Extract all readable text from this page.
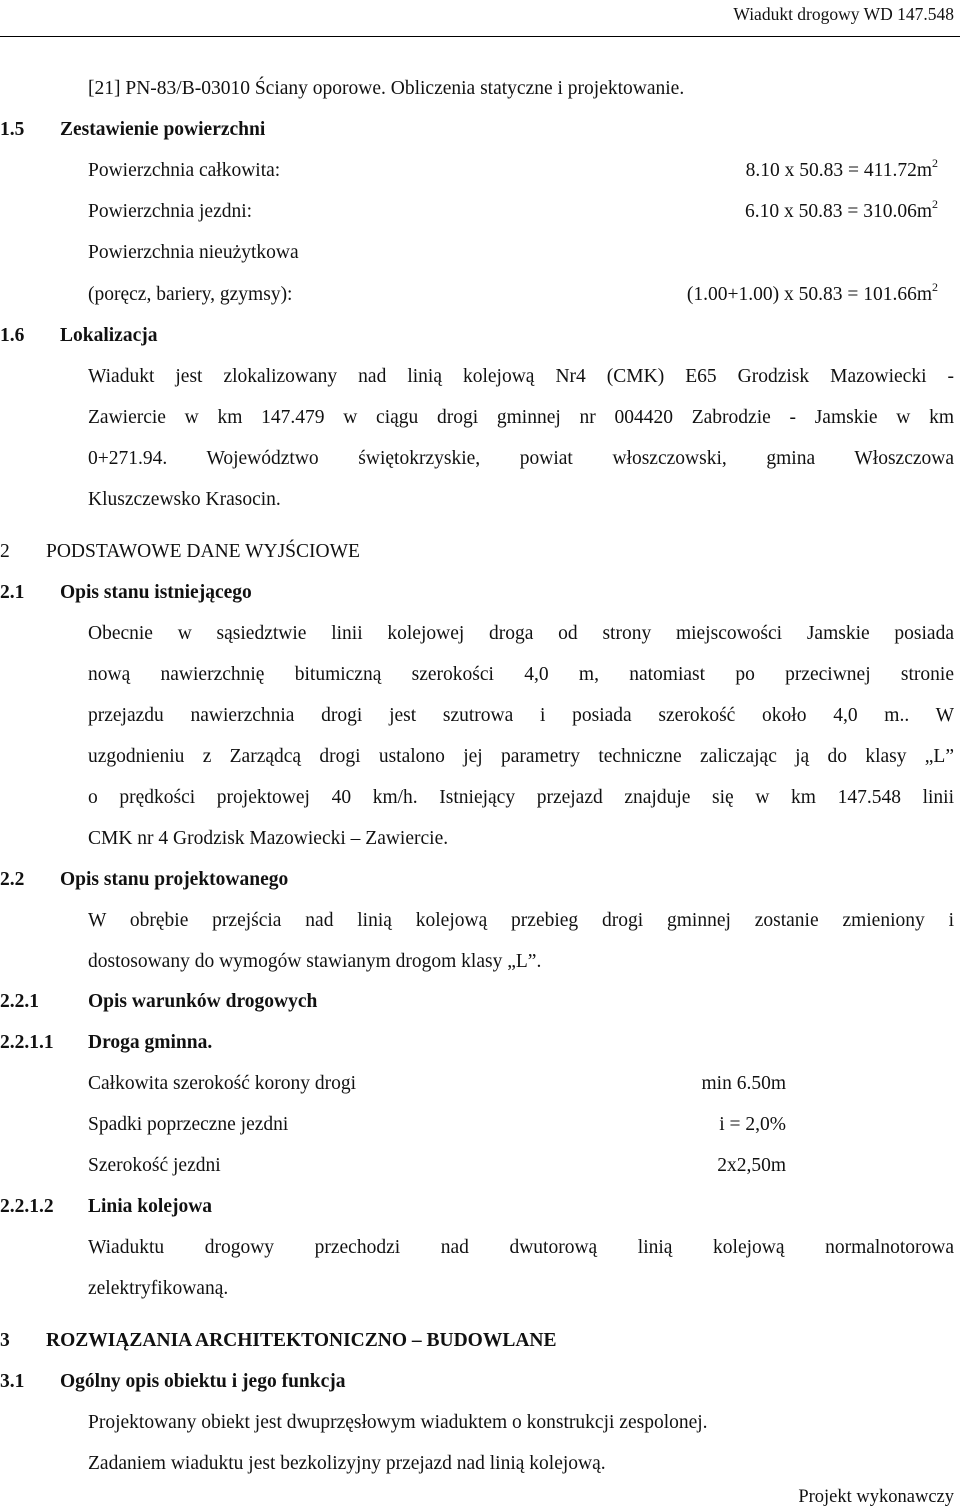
Wiadukt drogowy WD 147.548
[21] PN-83/B-03010 Ściany oporowe. Obliczenia statyczne i projektowanie.
1.5 Zestawienie powierzchni
Powierzchnia całkowita:	8.10 x $50.83 = 411.72m^2$
Powierzchnia jezdni:	6.10 x $50.83 = 310.06m^2$
Powierzchnia nieużytkowa
(poręcz, bariery, gzymsy):	(1.00+1.00) x $50.83 = 101.66m^2$
1.6 Lokalizacja
Wiadukt jest zlokalizowany nad linią kolejową Nr4 (CMK) E65 Grodzisk Mazowiecki -
Zawiercie w km 147.479 w ciągu drogi gminnej nr 004420 Zabrodzie - Jamskie w km
0+271.94. Województwo świętokrzyskie, powiat włoszczowski, gmina Włoszczowa
Kluszczewsko Krasocin.
2 PODSTAWOWE DANE WYJŚCIOWE
2.1 Opis stanu istniejącego
Obecnie w sąsiedztwie linii kolejowej droga od strony miejscowości Jamskie posiada
nową nawierzchnię bitumiczną szerokości 4,0 m, natomiast po przeciwnej stronie
przejazdu nawierzchnia drogi jest szutrowa i posiada szerokość około 4,0 m.. W
uzgodnieniu z Zarządcą drogi ustalono jej parametry techniczne zaliczając ją do klasy „L”
o prędkości projektowej 40 km/h. Istniejący przejazd znajduje się w km 147.548 linii
CMK nr 4 Grodzisk Mazowiecki – Zawiercie.
2.2 Opis stanu projektowanego
W obrębie przejścia nad linią kolejową przebieg drogi gminnej zostanie zmieniony i
dostosowany do wymogów stawianym drogom klasy „L”.
2.2.1	Opis warunków drogowych
2.2.1.1 Droga gminna.
Całkowita szerokość korony drogi	min 6.50m
Spadki poprzeczne jezdni	i = 2,0%
Szerokość jezdni	2x2,50m
2.2.1.2 Linia kolejowa
Wiaduktu drogowy przechodzi nad dwutorową linią kolejową normalnotorowa
zelektryfikowaną.
3 ROZWIĄZANIA ARCHITEKTONICZNO – BUDOWLANE
3.1 Ogólny opis obiektu i jego funkcja
Projektowany obiekt jest dwuprzęsłowym wiaduktem o konstrukcji zespolonej.
Zadaniem wiaduktu jest bezkolizyjny przejazd nad linią kolejową.
Projekt wykonawczy
